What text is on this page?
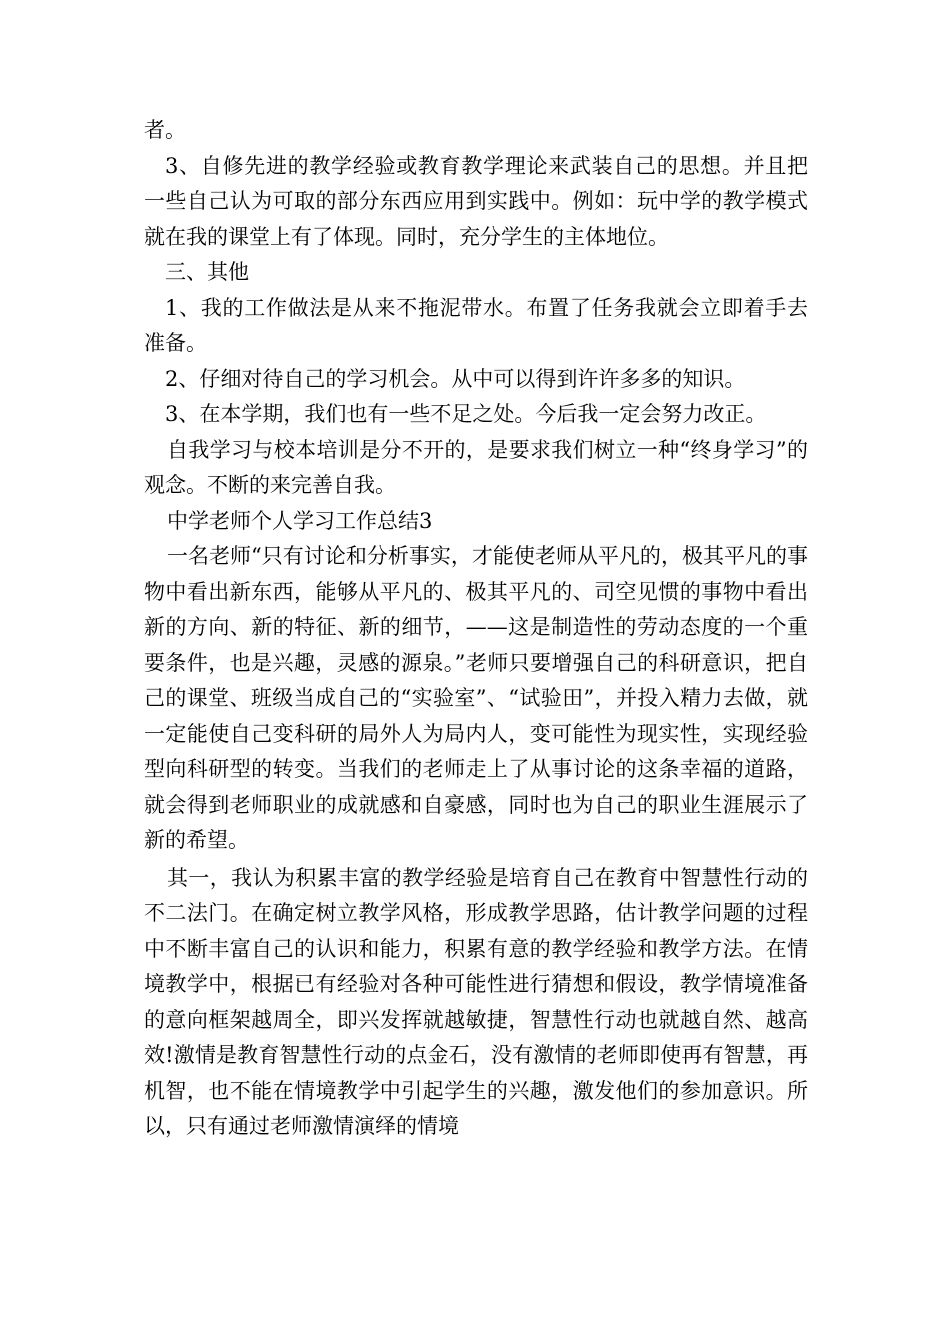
者。

3、自修先进的教学经验或教育教学理论来武装自己的思想。并且把一些自己认为可取的部分东西应用到实践中。例如：玩中学的教学模式就在我的课堂上有了体现。同时，充分学生的主体地位。

三、其他

1、我的工作做法是从来不拖泥带水。布置了任务我就会立即着手去准备。

2、仔细对待自己的学习机会。从中可以得到许许多多的知识。

3、在本学期，我们也有一些不足之处。今后我一定会努力改正。

自我学习与校本培训是分不开的，是要求我们树立一种“终身学习”的观念。不断的来完善自我。

中学老师个人学习工作总结3

一名老师“只有讨论和分析事实，才能使老师从平凡的，极其平凡的事物中看出新东西，能够从平凡的、极其平凡的、司空见惯的事物中看出新的方向、新的特征、新的细节，——这是制造性的劳动态度的一个重要条件，也是兴趣，灵感的源泉。”老师只要增强自己的科研意识，把自己的课堂、班级当成自己的“实验室”、“试验田”，并投入精力去做，就一定能使自己变科研的局外人为局内人，变可能性为现实性，实现经验型向科研型的转变。当我们的老师走上了从事讨论的这条幸福的道路，就会得到老师职业的成就感和自豪感，同时也为自己的职业生涯展示了新的希望。

其一，我认为积累丰富的教学经验是培育自己在教育中智慧性行动的不二法门。在确定树立教学风格，形成教学思路，估计教学问题的过程中不断丰富自己的认识和能力，积累有意的教学经验和教学方法。在情境教学中，根据已有经验对各种可能性进行猜想和假设，教学情境准备的意向框架越周全，即兴发挥就越敏捷，智慧性行动也就越自然、越高效!激情是教育智慧性行动的点金石，没有激情的老师即使再有智慧，再机智，也不能在情境教学中引起学生的兴趣，激发他们的参加意识。所以，只有通过老师激情演绎的情境
